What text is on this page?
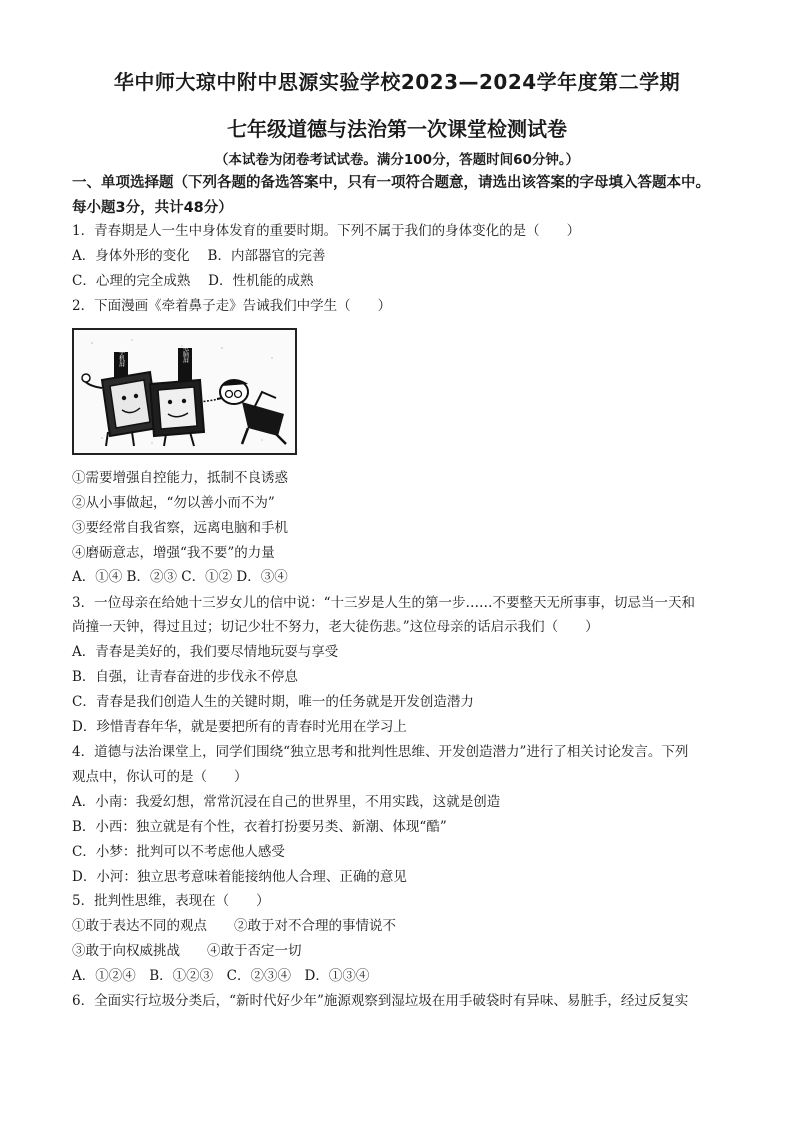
华中师大琼中附中思源实验学校2023—2024学年度第二学期
七年级道德与法治第一次课堂检测试卷
（本试卷为闭卷考试试卷。满分100分，答题时间60分钟。）
一、单项选择题（下列各题的备选答案中，只有一项符合题意，请选出该答案的字母填入答题本中。每小题3分，共计48分）
1．青春期是人一生中身体发育的重要时期。下列不属于我们的身体变化的是（　　）
A．身体外形的变化　 B．内部器官的完善
C．心理的完全成熟　 D．性机能的成熟
2．下面漫画《牵着鼻子走》告诫我们中学生（　　）
手机屏	电脑屏
①需要增强自控能力，抵制不良诱惑
②从小事做起，“勿以善小而不为”
③要经常自我省察，远离电脑和手机
④磨砺意志，增强“我不要”的力量
A．①④ B．②③ C．①② D．③④
3．一位母亲在给她十三岁女儿的信中说：“十三岁是人生的第一步……不要整天无所事事，切忌当一天和
尚撞一天钟，得过且过；切记少壮不努力，老大徒伤悲。”这位母亲的话启示我们（　　）
A．青春是美好的，我们要尽情地玩耍与享受
B．自强，让青春奋进的步伐永不停息
C．青春是我们创造人生的关键时期，唯一的任务就是开发创造潜力
D．珍惜青春年华，就是要把所有的青春时光用在学习上
4．道德与法治课堂上，同学们围绕“独立思考和批判性思维、开发创造潜力”进行了相关讨论发言。下列
观点中，你认可的是（　　）
A．小南：我爱幻想，常常沉浸在自己的世界里，不用实践，这就是创造
B．小西：独立就是有个性，衣着打扮要另类、新潮、体现“酷”
C．小梦：批判可以不考虑他人感受
D．小河：独立思考意味着能接纳他人合理、正确的意见
5．批判性思维，表现在（　　）
①敢于表达不同的观点　　②敢于对不合理的事情说不
③敢于向权威挑战　　④敢于否定一切
A．①②④　B．①②③　C．②③④　D．①③④
6．全面实行垃圾分类后，“新时代好少年”施源观察到湿垃圾在用手破袋时有异味、易脏手，经过反复实
